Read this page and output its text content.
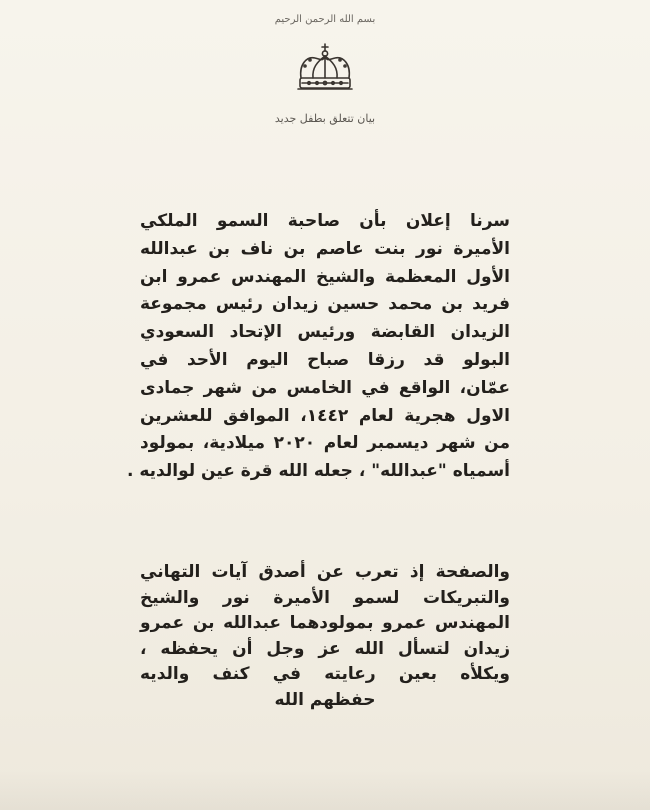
بسم الله الرحمن الرحيم
بيان تتعلق بطفل جديد
سرنا إعلان بأن صاحبة السمو الملكي
الأميرة نور بنت عاصم بن ناف بن عبدالله
الأول المعظمة والشيخ المهندس عمرو ابن
فريد بن محمد حسين زيدان رئيس مجموعة
الزيدان القابضة ورئيس الإتحاد السعودي
البولو قد رزقا صباح اليوم الأحد في
عمّان، الواقع في الخامس من شهر جمادى
الاول هجرية لعام ١٤٤٢، الموافق للعشرين
من شهر ديسمبر لعام ٢٠٢٠ ميلادية، بمولود
أسمياه "عبدالله" ، جعله الله قرة عين لوالديه .
والصفحة إذ تعرب عن أصدق آيات التهاني
والتبريكات لسمو الأميرة نور والشيخ
المهندس عمرو بمولودهما عبدالله بن عمرو
زيدان لتسأل الله عز وجل أن يحفظه ،
ويكلأه بعين رعايته في كنف والديه
حفظهم الله
